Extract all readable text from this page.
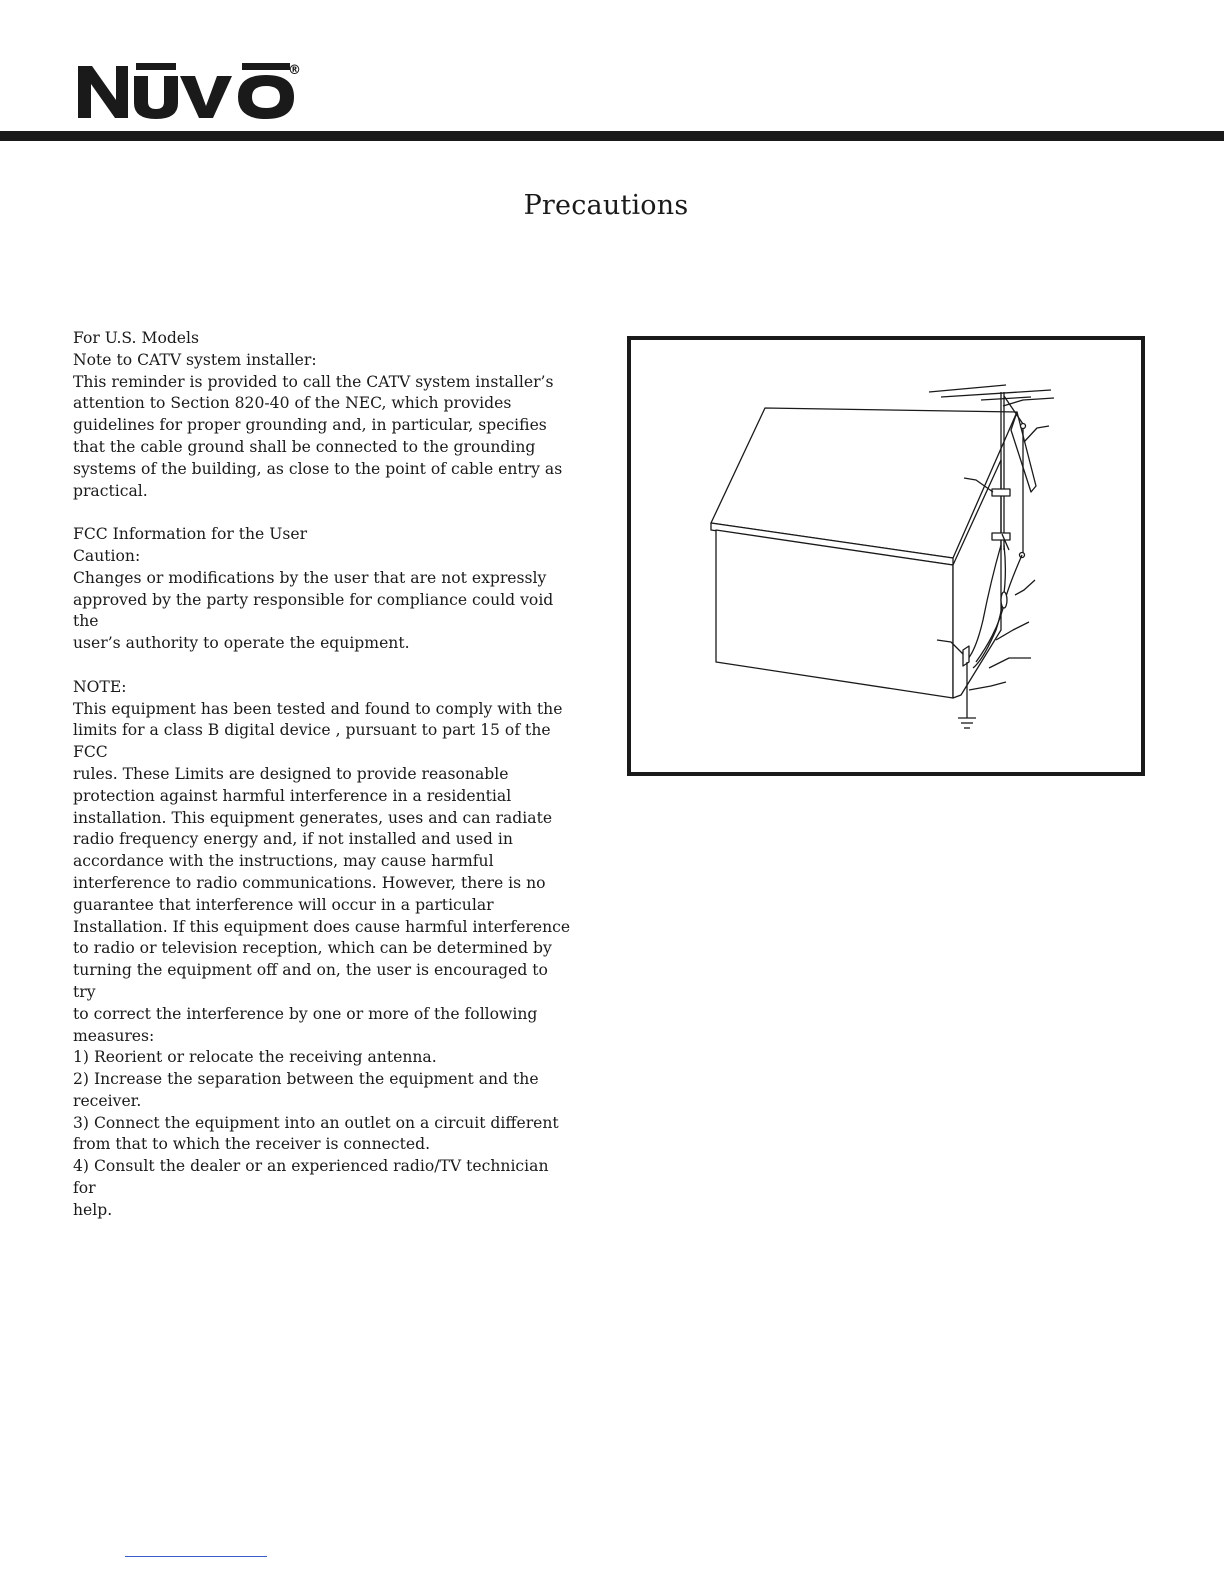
®
Precautions

For U.S. Models

Note to CATV system installer:

This reminder is provided to call the CATV system installer’s

attention to Section 820-40 of the NEC, which provides

guidelines for proper grounding and, in particular, specifies

that the cable ground shall be connected to the grounding

systems of the building, as close to the point of cable entry as

practical.

FCC Information for the User

Caution:

Changes or modifications by the user that are not expressly

approved by the party responsible for compliance could void the

user’s authority to operate the equipment.

NOTE:

This equipment has been tested and found to comply with the

limits for a class B digital device , pursuant to part 15 of the FCC

rules. These Limits are designed to provide reasonable

protection against harmful interference in a residential

installation. This equipment generates, uses and can radiate

radio frequency energy and, if not installed and used in

accordance with the instructions, may cause harmful

interference to radio communications. However, there is no

guarantee that interference will occur in a particular

Installation. If this equipment does cause harmful interference

to radio or television reception, which can be determined by

turning the equipment off and on, the user is encouraged to try

to correct the interference by one or more of the following

measures:

1) Reorient or relocate the receiving antenna.

2) Increase the separation between the equipment and the

receiver.

3) Connect the equipment into an outlet on a circuit different

from that to which the receiver is connected.

4) Consult the dealer or an experienced radio/TV technician for

help.
